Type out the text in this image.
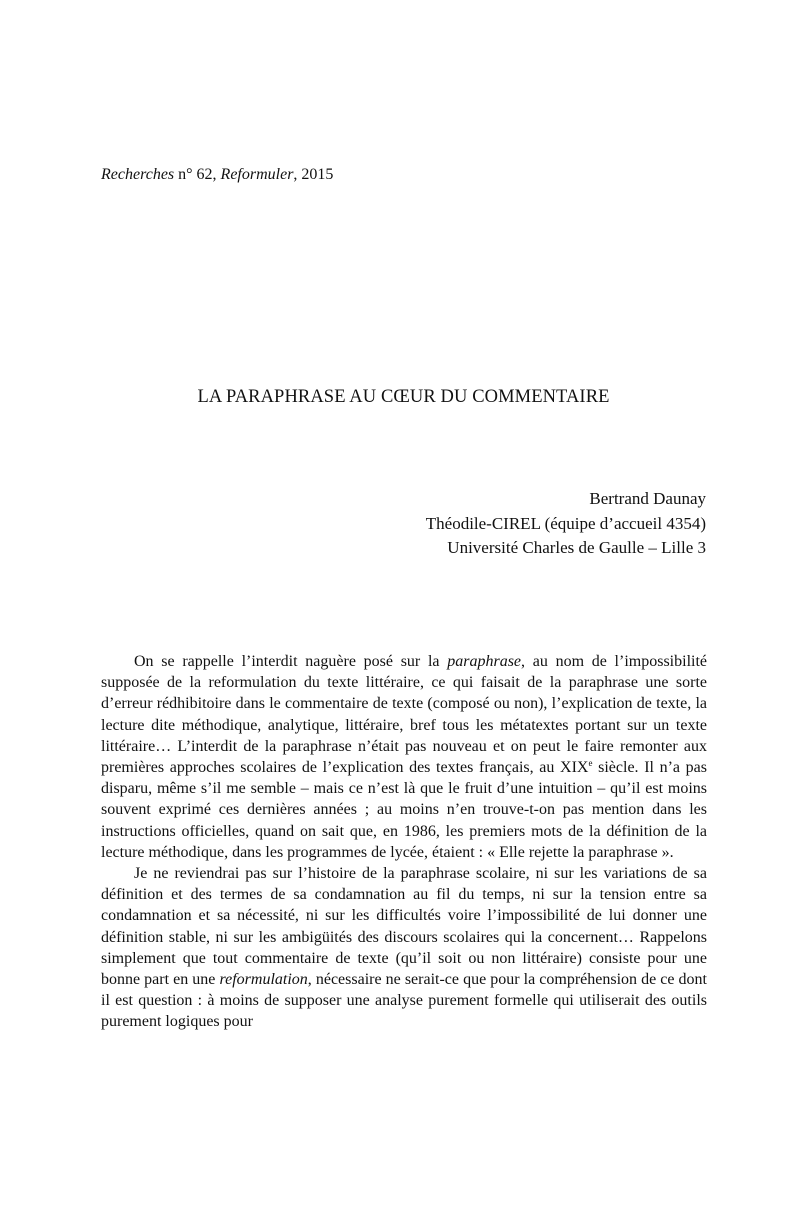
Recherches n° 62, Reformuler, 2015
LA PARAPHRASE AU CŒUR DU COMMENTAIRE
Bertrand Daunay
Théodile-CIREL (équipe d’accueil 4354)
Université Charles de Gaulle – Lille 3

On se rappelle l’interdit naguère posé sur la paraphrase, au nom de l’impossibilité supposée de la reformulation du texte littéraire, ce qui faisait de la paraphrase une sorte d’erreur rédhibitoire dans le commentaire de texte (composé ou non), l’explication de texte, la lecture dite méthodique, analytique, littéraire, bref tous les métatextes portant sur un texte littéraire… L’interdit de la paraphrase n’était pas nouveau et on peut le faire remonter aux premières approches scolaires de l’explication des textes français, au XIXe siècle. Il n’a pas disparu, même s’il me semble – mais ce n’est là que le fruit d’une intuition – qu’il est moins souvent exprimé ces dernières années ; au moins n’en trouve-t-on pas mention dans les instructions officielles, quand on sait que, en 1986, les premiers mots de la définition de la lecture méthodique, dans les programmes de lycée, étaient : « Elle rejette la paraphrase ».

Je ne reviendrai pas sur l’histoire de la paraphrase scolaire, ni sur les variations de sa définition et des termes de sa condamnation au fil du temps, ni sur la tension entre sa condamnation et sa nécessité, ni sur les difficultés voire l’impossibilité de lui donner une définition stable, ni sur les ambigüités des discours scolaires qui la concernent… Rappelons simplement que tout commentaire de texte (qu’il soit ou non littéraire) consiste pour une bonne part en une reformulation, nécessaire ne serait-ce que pour la compréhension de ce dont il est question : à moins de supposer une analyse purement formelle qui utiliserait des outils purement logiques pour
